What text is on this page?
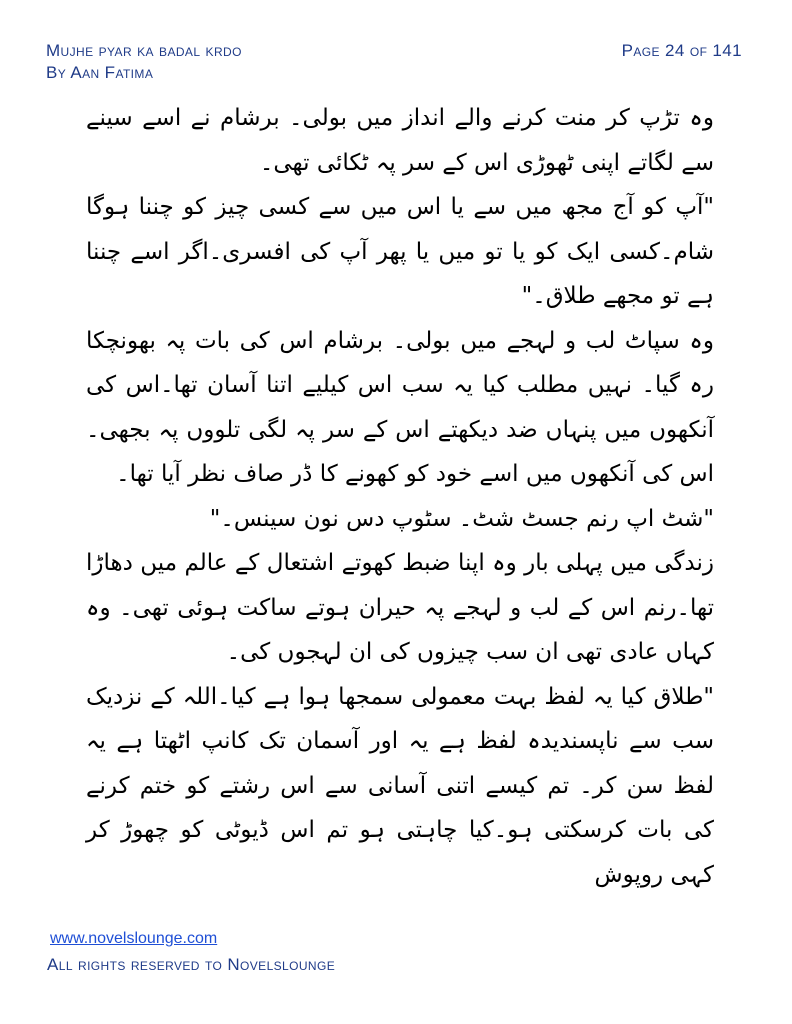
Mujhe pyar ka badal krdo
By Aan Fatima
Page 24 of 141

وہ تڑپ کر منت کرنے والے انداز میں بولی۔ برشام نے اسے سینے سے لگاتے اپنی ٹھوڑی اس کے سر پہ ٹکائی تھی۔

"آپ کو آج مجھ میں سے یا اس میں سے کسی چیز کو چننا ہوگا شام۔کسی ایک کو یا تو میں یا پھر آپ کی افسری۔اگر اسے چننا ہے تو مجھے طلاق۔"

وہ سپاٹ لب و لہجے میں بولی۔ برشام اس کی بات پہ بھونچکا رہ گیا۔ نہیں مطلب کیا یہ سب اس کیلیے اتنا آسان تھا۔اس کی آنکھوں میں پنہاں ضد دیکھتے اس کے سر پہ لگی تلووں پہ بجھی۔اس کی آنکھوں میں اسے خود کو کھونے کا ڈر صاف نظر آیا تھا۔

"شٹ اپ رنم جسٹ شٹ۔ سٹوپ دس نون سینس۔"

زندگی میں پہلی بار وہ اپنا ضبط کھوتے اشتعال کے عالم میں دھاڑا تھا۔رنم اس کے لب و لہجے پہ حیران ہوتے ساکت ہوئی تھی۔ وہ کہاں عادی تھی ان سب چیزوں کی ان لہجوں کی۔

"طلاق کیا یہ لفظ بہت معمولی سمجھا ہوا ہے کیا۔اللہ کے نزدیک سب سے ناپسندیدہ لفظ ہے یہ اور آسمان تک کانپ اٹھتا ہے یہ لفظ سن کر۔ تم کیسے اتنی آسانی سے اس رشتے کو ختم کرنے کی بات کرسکتی ہو۔کیا چاہتی ہو تم اس ڈیوٹی کو چھوڑ کر کہی روپوش

www.novelslounge.com
All rights reserved to Novelslounge
